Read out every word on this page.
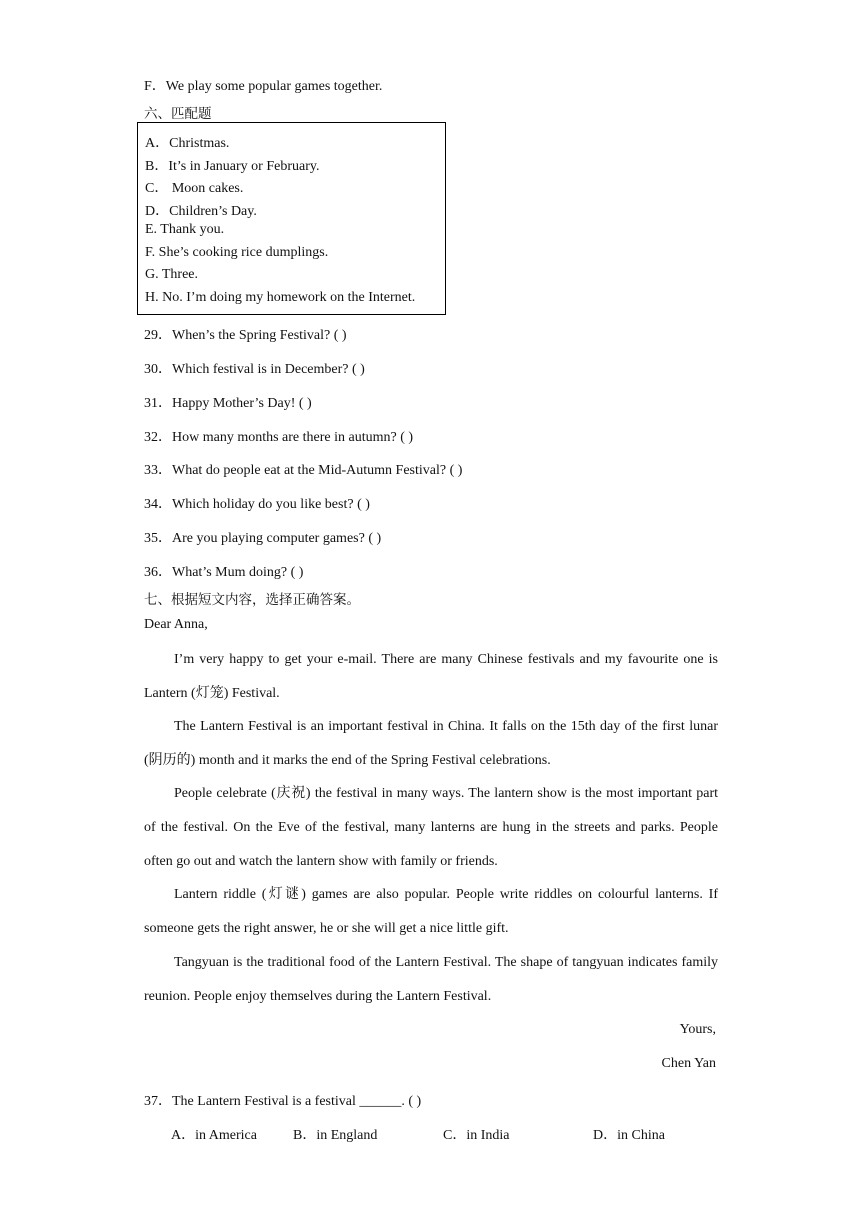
F．We play some popular games together.
六、匹配题
A．Christmas.
B．It’s in January or February.
C． Moon cakes.
D．Children’s Day.
E. Thank you.
F. She’s cooking rice dumplings.
G. Three.
H. No. I’m doing my homework on the Internet.
29．When’s the Spring Festival? ( )
30．Which festival is in December? ( )
31．Happy Mother’s Day! ( )
32．How many months are there in autumn? ( )
33．What do people eat at the Mid-Autumn Festival? ( )
34．Which holiday do you like best? ( )
35．Are you playing computer games? ( )
36．What’s Mum doing? ( )
七、根据短文内容，选择正确答案。
Dear Anna,

I’m very happy to get your e-mail. There are many Chinese festivals and my favourite one is Lantern (灯笼) Festival.

The Lantern Festival is an important festival in China. It falls on the 15th day of the first lunar (阴历的) month and it marks the end of the Spring Festival celebrations.

People celebrate (庆祝) the festival in many ways. The lantern show is the most important part of the festival. On the Eve of the festival, many lanterns are hung in the streets and parks. People often go out and watch the lantern show with family or friends.

Lantern riddle (灯谜) games are also popular. People write riddles on colourful lanterns. If someone gets the right answer, he or she will get a nice little gift.

Tangyuan is the traditional food of the Lantern Festival. The shape of tangyuan indicates family reunion. People enjoy themselves during the Lantern Festival.

Yours,
Chen Yan
37．The Lantern Festival is a festival ______. ( )
A．in America	B．in England	C．in India	D．in China
